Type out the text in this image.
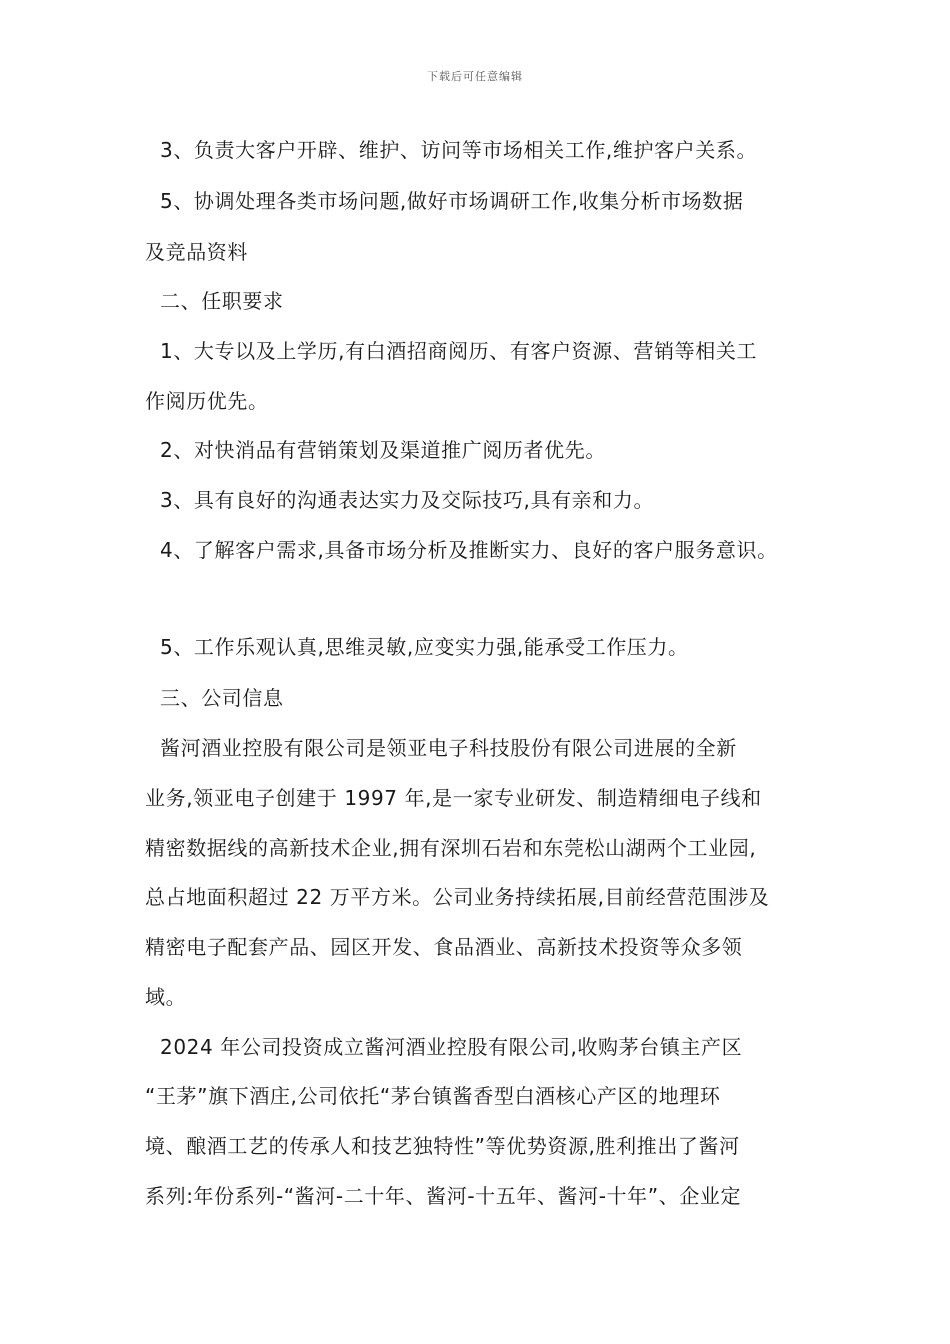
下载后可任意编辑
3、负责大客户开辟、维护、访问等市场相关工作,维护客户关系。
5、协调处理各类市场问题,做好市场调研工作,收集分析市场数据
及竞品资料
二、任职要求
1、大专以及上学历,有白酒招商阅历、有客户资源、营销等相关工
作阅历优先。
2、对快消品有营销策划及渠道推广阅历者优先。
3、具有良好的沟通表达实力及交际技巧,具有亲和力。
4、了解客户需求,具备市场分析及推断实力、良好的客户服务意识。
5、工作乐观认真,思维灵敏,应变实力强,能承受工作压力。
三、公司信息
酱河酒业控股有限公司是领亚电子科技股份有限公司进展的全新
业务,领亚电子创建于 1997 年,是一家专业研发、制造精细电子线和
精密数据线的高新技术企业,拥有深圳石岩和东莞松山湖两个工业园,
总占地面积超过 22 万平方米。公司业务持续拓展,目前经营范围涉及
精密电子配套产品、园区开发、食品酒业、高新技术投资等众多领
域。
2024 年公司投资成立酱河酒业控股有限公司,收购茅台镇主产区
“王茅”旗下酒庄,公司依托“茅台镇酱香型白酒核心产区的地理环
境、酿酒工艺的传承人和技艺独特性”等优势资源,胜利推出了酱河
系列:年份系列-“酱河-二十年、酱河-十五年、酱河-十年”、企业定
